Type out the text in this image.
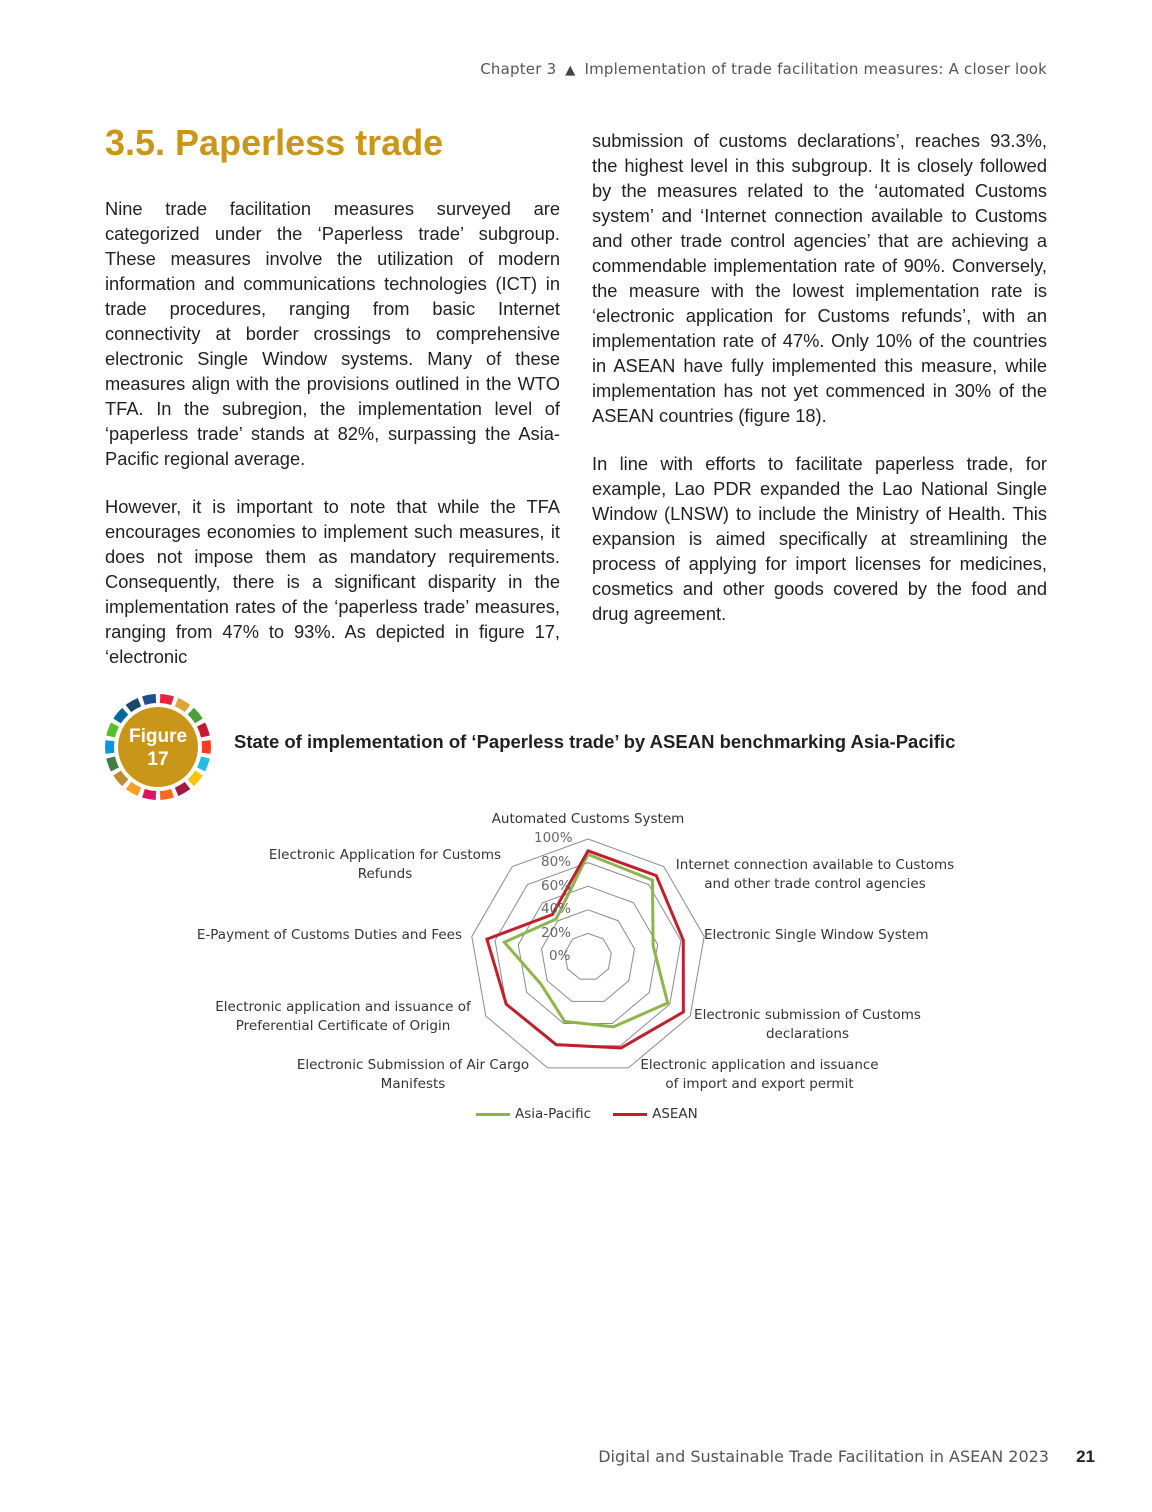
Chapter 3 ▲ Implementation of trade facilitation measures: A closer look
3.5. Paperless trade

Nine trade facilitation measures surveyed are categorized under the ‘Paperless trade’ subgroup. These measures involve the utilization of modern information and communications technologies (ICT) in trade procedures, ranging from basic Internet connectivity at border crossings to comprehensive electronic Single Window systems. Many of these measures align with the provisions outlined in the WTO TFA. In the subregion, the implementation level of ‘paperless trade’ stands at 82%, surpassing the Asia-Pacific regional average.

However, it is important to note that while the TFA encourages economies to implement such measures, it does not impose them as mandatory requirements. Consequently, there is a significant disparity in the implementation rates of the ‘paperless trade’ measures, ranging from 47% to 93%. As depicted in figure 17, ‘electronic

submission of customs declarations’, reaches 93.3%, the highest level in this subgroup. It is closely followed by the measures related to the ‘automated Customs system’ and ‘Internet connection available to Customs and other trade control agencies’ that are achieving a commendable implementation rate of 90%. Conversely, the measure with the lowest implementation rate is ‘electronic application for Customs refunds’, with an implementation rate of 47%. Only 10% of the countries in ASEAN have fully implemented this measure, while implementation has not yet commenced in 30% of the ASEAN countries (figure 18).

In line with efforts to facilitate paperless trade, for example, Lao PDR expanded the Lao National Single Window (LNSW) to include the Ministry of Health. This expansion is aimed specifically at streamlining the process of applying for import licenses for medicines, cosmetics and other goods covered by the food and drug agreement.

Figure
17
State of implementation of ‘Paperless trade’ by ASEAN benchmarking Asia-Pacific
100%
80%
60%
40%
20%
0%
Automated Customs System
Internet connection available to Customs
and other trade control agencies
Electronic Single Window System
Electronic submission of Customs
declarations
Electronic application and issuance
of import and export permit
Electronic Submission of Air Cargo
Manifests
Electronic application and issuance of
Preferential Certificate of Origin
E-Payment of Customs Duties and Fees
Electronic Application for Customs
Refunds
Asia-Pacific	ASEAN
Digital and Sustainable Trade Facilitation in ASEAN 2023 21
